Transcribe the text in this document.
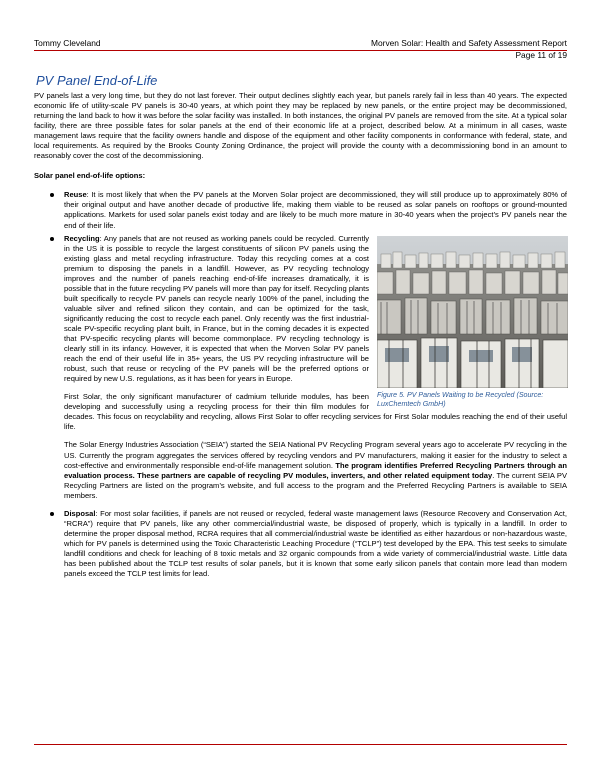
Tommy Cleveland	Morven Solar: Health and Safety Assessment Report
Page 11 of 19
PV Panel End-of-Life

PV panels last a very long time, but they do not last forever. Their output declines slightly each year, but panels rarely fail in less than 40 years. The expected economic life of utility-scale PV panels is 30-40 years, at which point they may be replaced by new panels, or the entire project may be decommissioned, returning the land back to how it was before the solar facility was installed. In both instances, the original PV panels are removed from the site. At a typical solar facility, there are three possible fates for solar panels at the end of their economic life at a project, described below. At a minimum in all cases, waste management laws require that the facility owners handle and dispose of the equipment and other facility components in conformance with federal, state, and local requirements. As required by the Brooks County Zoning Ordinance, the project will provide the county with a decommissioning bond in an amount to reasonably cover the cost of the decommissioning.

Solar panel end-of-life options:

Reuse: It is most likely that when the PV panels at the Morven Solar project are decommissioned, they will still produce up to approximately 80% of their original output and have another decade of productive life, making them viable to be reused as solar panels on rooftops or ground-mounted applications. Markets for used solar panels exist today and are likely to be much more mature in 30-40 years when the project’s PV panels near the end of their life.
Figure 5. PV Panels Waiting to be Recycled (Source: LuxChemtech GmbH)
Recycling: Any panels that are not reused as working panels could be recycled. Currently in the US it is possible to recycle the largest constituents of silicon PV panels using the existing glass and metal recycling infrastructure. Today this recycling comes at a cost premium to disposing the panels in a landfill. However, as PV recycling technology improves and the number of panels reaching end-of-life increases dramatically, it is possible that in the future recycling PV panels will more than pay for itself. Recycling plants built specifically to recycle PV panels can recycle nearly 100% of the panel, including the valuable silver and refined silicon they contain, and can be optimized for the task, significantly reducing the cost to recycle each panel. Only recently was the first industrial-scale PV-specific recycling plant built, in France, but in the coming decades it is expected that PV-specific recycling plants will become commonplace. PV recycling technology is clearly still in its infancy. However, it is expected that when the Morven Solar PV panels reach the end of their useful life in 35+ years, the US PV recycling infrastructure will be robust, such that reuse or recycling of the PV panels will be the preferred options or required by new U.S. regulations, as it has been for years in Europe.

First Solar, the only significant manufacturer of cadmium telluride modules, has been developing and successfully using a recycling process for their thin film modules for decades. This focus on recyclability and recycling, allows First Solar to offer recycling services for First Solar modules reaching the end of their useful life.

The Solar Energy Industries Association (“SEIA”) started the SEIA National PV Recycling Program several years ago to accelerate PV recycling in the US. Currently the program aggregates the services offered by recycling vendors and PV manufacturers, making it easier for the industry to select a cost-effective and environmentally responsible end-of-life management solution. The program identifies Preferred Recycling Partners through an evaluation process. These partners are capable of recycling PV modules, inverters, and other related equipment today. The current SEIA PV Recycling Partners are listed on the program’s website, and full access to the program and the Preferred Recycling Partners is available to SEIA members.

Disposal: For most solar facilities, if panels are not reused or recycled, federal waste management laws (Resource Recovery and Conservation Act, “RCRA”) require that PV panels, like any other commercial/industrial waste, be disposed of properly, which is typically in a landfill. In order to determine the proper disposal method, RCRA requires that all commercial/industrial waste be identified as either hazardous or non-hazardous waste, which for PV panels is determined using the Toxic Characteristic Leaching Procedure (“TCLP”) test developed by the EPA. This test seeks to simulate landfill conditions and check for leaching of 8 toxic metals and 32 organic compounds from a wide variety of commercial/industrial waste. Little data has been published about the TCLP test results of solar panels, but it is known that some early silicon panels that contain more lead than modern panels exceed the TCLP test limits for lead.
